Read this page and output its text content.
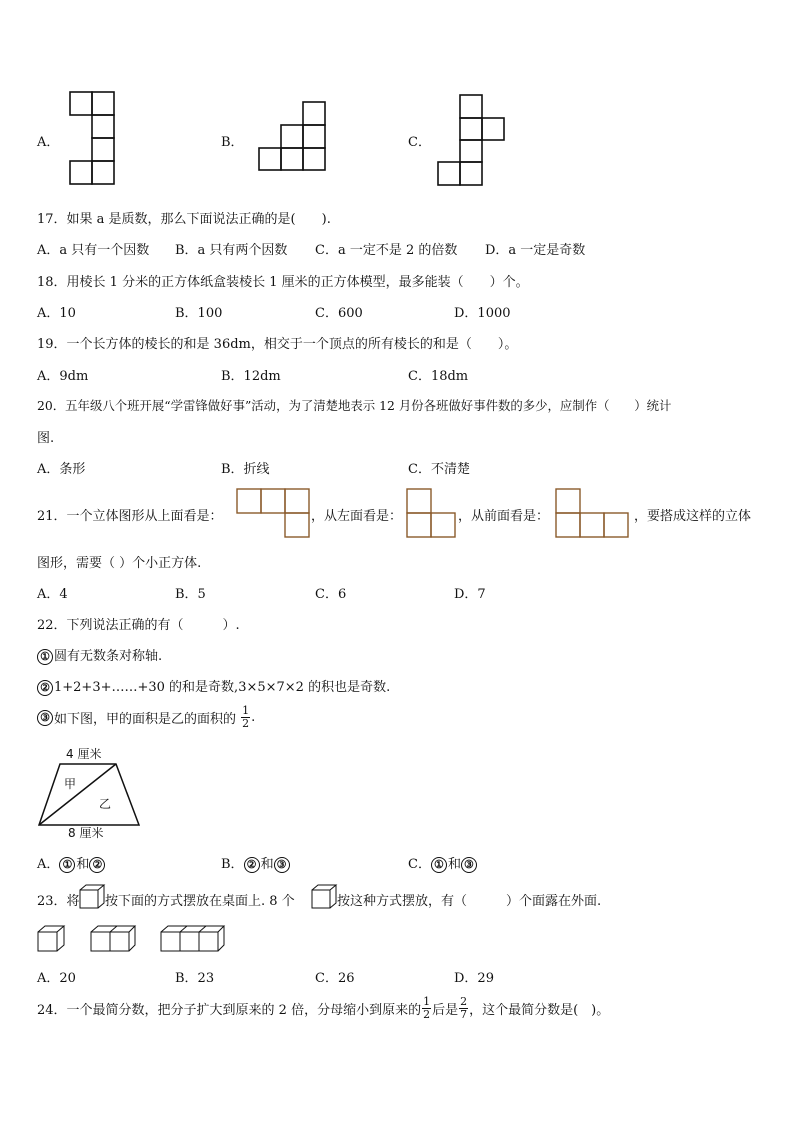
A．	B．	C．
17．如果 a 是质数，那么下面说法正确的是(　　).
A．a 只有一个因数 B．a 只有两个因数 C．a 一定不是 2 的倍数 D．a 一定是奇数
18．用棱长 1 分米的正方体纸盒装棱长 1 厘米的正方体模型，最多能装（　　）个。
A．10	B．100	C．600	D．1000
19．一个长方体的棱长的和是 36dm，相交于一个顶点的所有棱长的和是（　　）。
A．9dm	B．12dm	C．18dm
20．五年级八个班开展“学雷锋做好事”活动，为了清楚地表示 12 月份各班做好事件数的多少，应制作（　　）统计
图.
A．条形	B．折线	C．不清楚
21．一个立体图形从上面看是：	，从左面看是：	，从前面看是：	，要搭成这样的立体
图形，需要（ ）个小正方体.
A．4	B．5	C．6	D．7
22．下列说法正确的有（　　　）.
① 圆有无数条对称轴.
② 1+2+3+……+30 的和是奇数,3×5×7×2 的积也是奇数.
③ 如下图，甲的面积是乙的面积的 $\frac{1}{2}$ .
4 厘米
甲
乙
8 厘米
A． ① 和 ②	B． ② 和 ③	C． ① 和 ③
23．将 按下面的方式摆放在桌面上. 8 个	按这种方式摆放，有（　　　）个面露在外面.
A．20	B．23	C．26	D．29
24．一个最简分数，把分子扩大到原来的 2 倍，分母缩小到原来的 $\frac{1}{2}$ 后是 $\frac{2}{7}$ ，这个最简分数是(　)。
